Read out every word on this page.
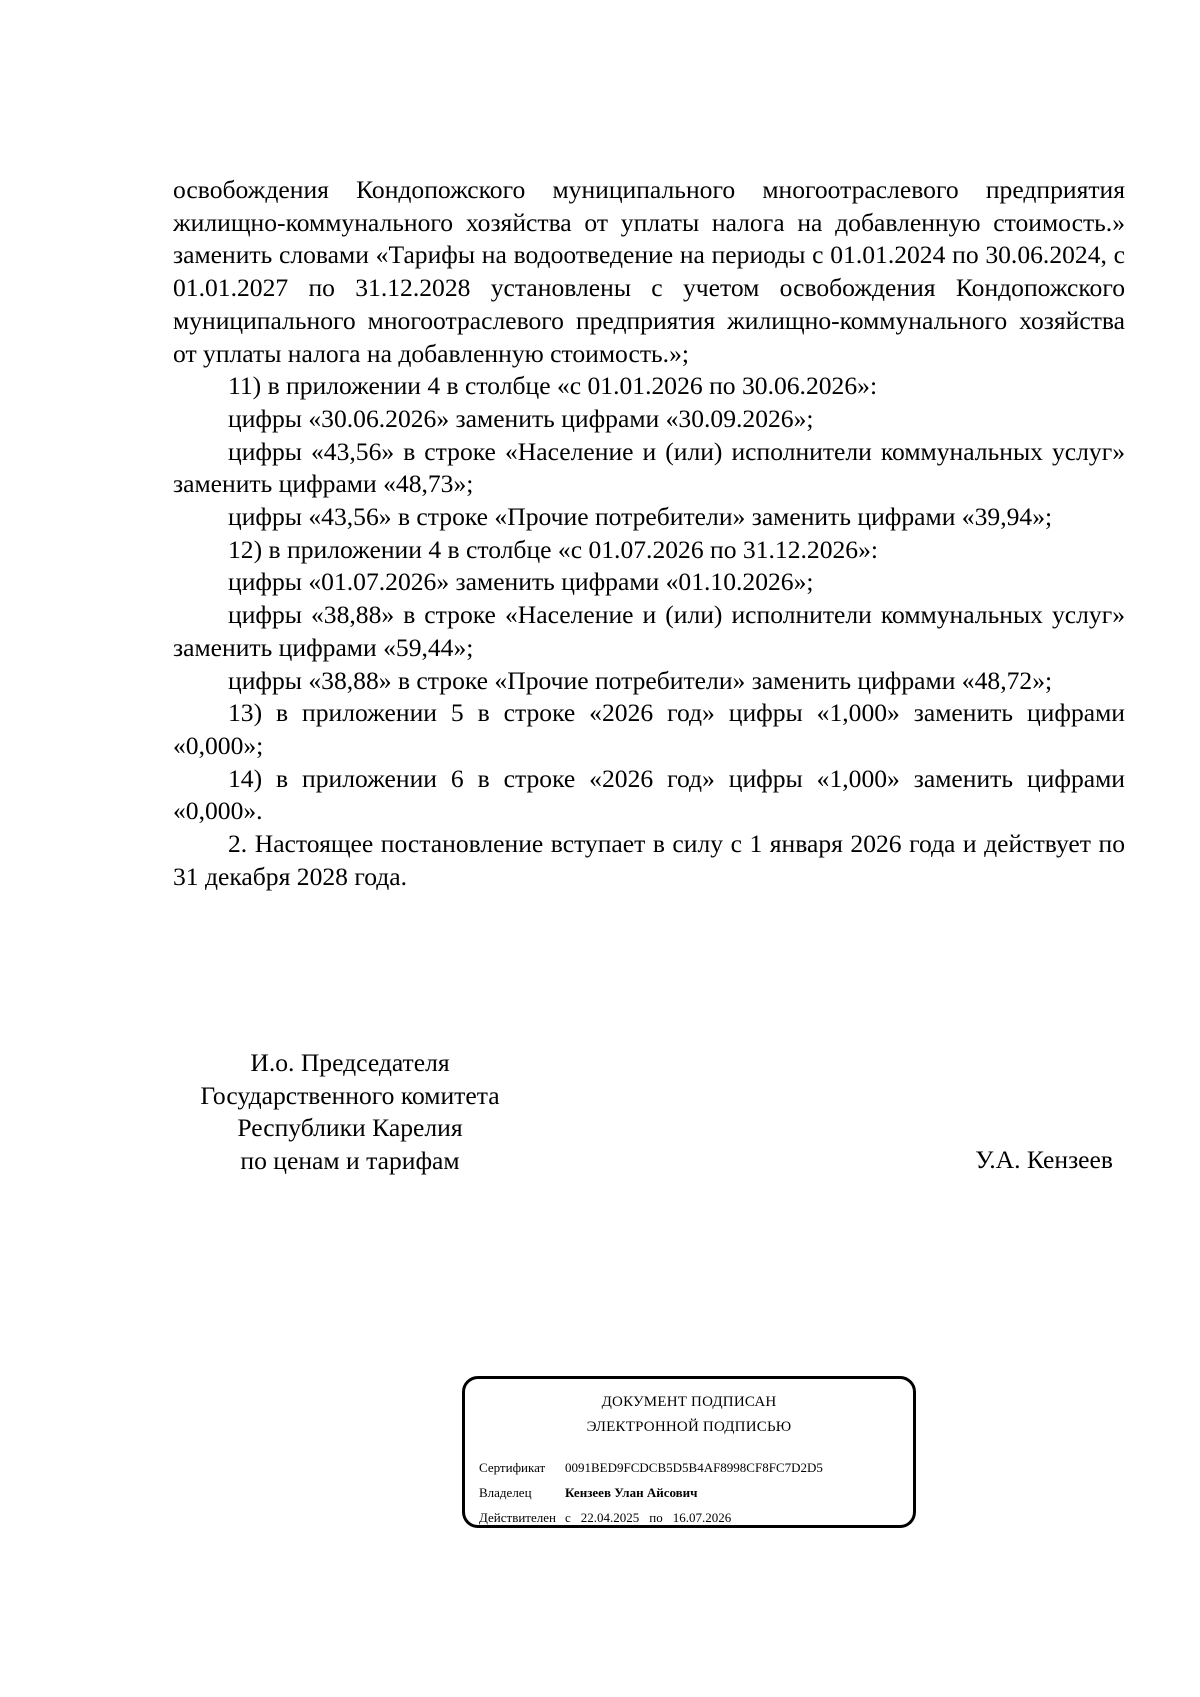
освобождения Кондопожского муниципального многоотраслевого предприятия жилищно-коммунального хозяйства от уплаты налога на добавленную стоимость.» заменить словами «Тарифы на водоотведение на периоды с 01.01.2024 по 30.06.2024, с 01.01.2027 по 31.12.2028 установлены с учетом освобождения Кондопожского муниципального многоотраслевого предприятия жилищно-коммунального хозяйства от уплаты налога на добавленную стоимость.»;

11) в приложении 4 в столбце «с 01.01.2026 по 30.06.2026»:

цифры «30.06.2026» заменить цифрами «30.09.2026»;

цифры «43,56» в строке «Население и (или) исполнители коммунальных услуг» заменить цифрами «48,73»;

цифры «43,56» в строке «Прочие потребители» заменить цифрами «39,94»;

12) в приложении 4 в столбце «с 01.07.2026 по 31.12.2026»:

цифры «01.07.2026» заменить цифрами «01.10.2026»;

цифры «38,88» в строке «Население и (или) исполнители коммунальных услуг» заменить цифрами «59,44»;

цифры «38,88» в строке «Прочие потребители» заменить цифрами «48,72»;

13) в приложении 5 в строке «2026 год» цифры «1,000» заменить цифрами «0,000»;

14) в приложении 6 в строке «2026 год» цифры «1,000» заменить цифрами «0,000».

2. Настоящее постановление вступает в силу с 1 января 2026 года и действует по 31 декабря 2028 года.

И.о. Председателя
Государственного комитета
Республики Карелия
по ценам и тарифам	У.А. Кензеев
ДОКУМЕНТ ПОДПИСАН
ЭЛЕКТРОННОЙ ПОДПИСЬЮ
Сертификат 0091BED9FCDCB5D5B4AF8998CF8FC7D2D5
Владелец	Кензеев Улан Айсович
Действителен с 22.04.2025 по 16.07.2026
